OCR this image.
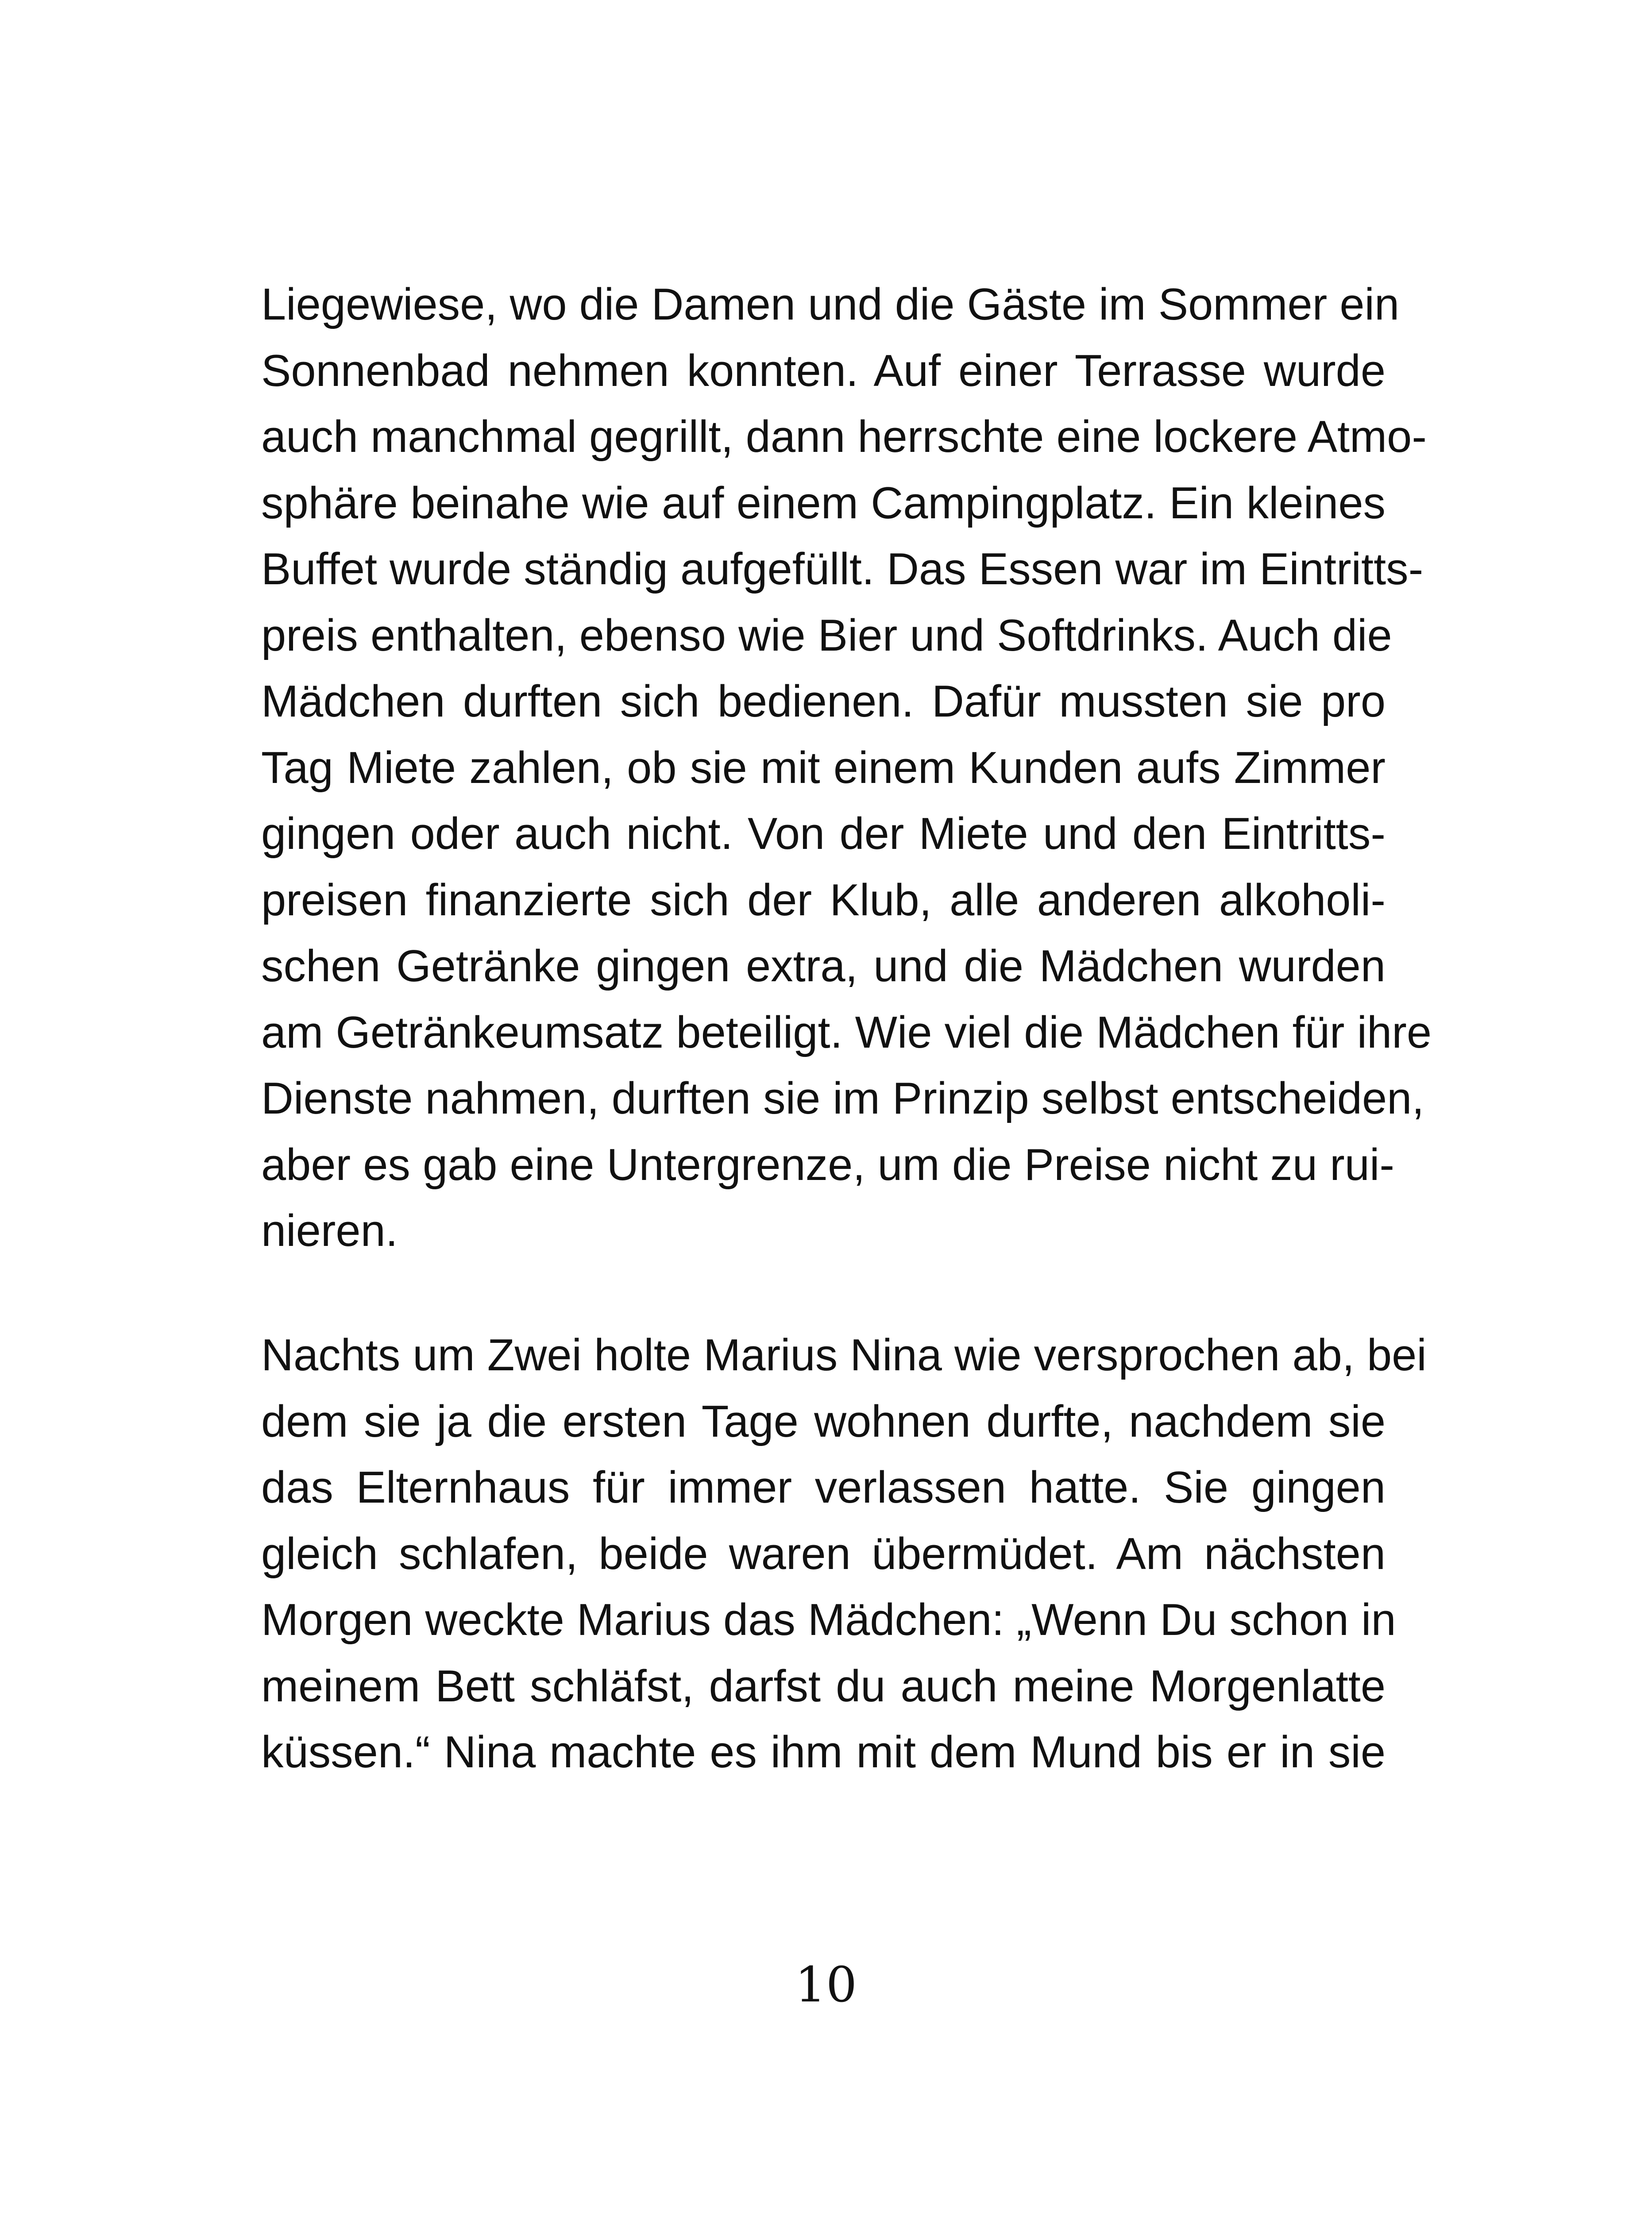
Liegewiese, wo die Damen und die Gäste im Sommer ein
Sonnenbad nehmen konnten. Auf einer Terrasse wurde
auch manchmal gegrillt, dann herrschte eine lockere Atmo-
sphäre beinahe wie auf einem Campingplatz. Ein kleines
Buffet wurde ständig aufgefüllt. Das Essen war im Eintritts-
preis enthalten, ebenso wie Bier und Softdrinks. Auch die
Mädchen durften sich bedienen. Dafür mussten sie pro
Tag Miete zahlen, ob sie mit einem Kunden aufs Zimmer
gingen oder auch nicht. Von der Miete und den Eintritts-
preisen finanzierte sich der Klub, alle anderen alkoholi-
schen Getränke gingen extra, und die Mädchen wurden
am Getränkeumsatz beteiligt. Wie viel die Mädchen für ihre
Dienste nahmen, durften sie im Prinzip selbst entscheiden,
aber es gab eine Untergrenze, um die Preise nicht zu rui-
nieren.
Nachts um Zwei holte Marius Nina wie versprochen ab, bei
dem sie ja die ersten Tage wohnen durfte, nachdem sie
das Elternhaus für immer verlassen hatte. Sie gingen
gleich schlafen, beide waren übermüdet. Am nächsten
Morgen weckte Marius das Mädchen: „Wenn Du schon in
meinem Bett schläfst, darfst du auch meine Morgenlatte
küssen.“ Nina machte es ihm mit dem Mund bis er in sie
10
